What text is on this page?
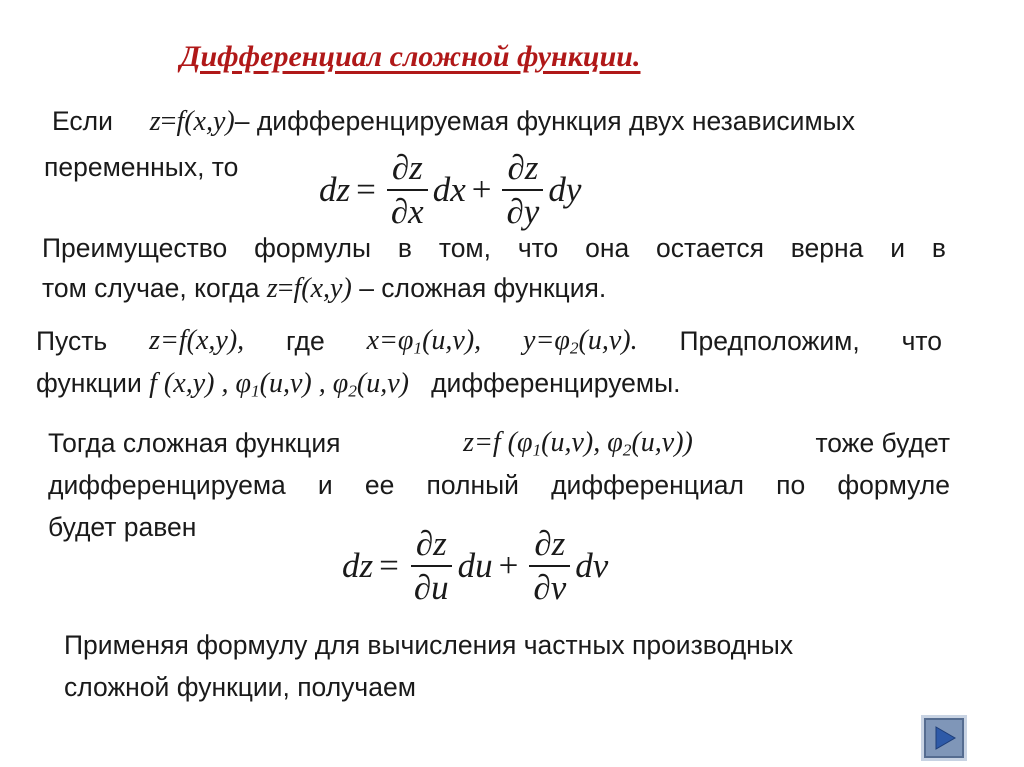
Дифференциал сложной функции.
Если z=f(x,y)– дифференцируемая функция двух независимых
переменных, то
dz = $\frac{\partial z}{\partial x}$ dx + $\frac{\partial z}{\partial y}$ dy
Преимущество формулы в том, что она остается верна и в
том случае, когда z=f(x,y) – сложная функция.
Пусть z=f(x,y), где $x=\varphi_1(u,v)$, $y=\varphi_2(u,v)$. Предположим, что
функции f (x,y) , $\varphi_1(u,v)$ , $\varphi_2(u,v)$ дифференцируемы.
Тогда сложная функция	z=f ($\varphi_1(u,v)$, $\varphi_2(u,v)$)	тоже будет
дифференцируема и ее полный дифференциал по формуле
будет равен
dz = $\frac{\partial z}{\partial u}$ du + $\frac{\partial z}{\partial v}$ dv
Применяя формулу для вычисления частных производных
сложной функции, получаем
